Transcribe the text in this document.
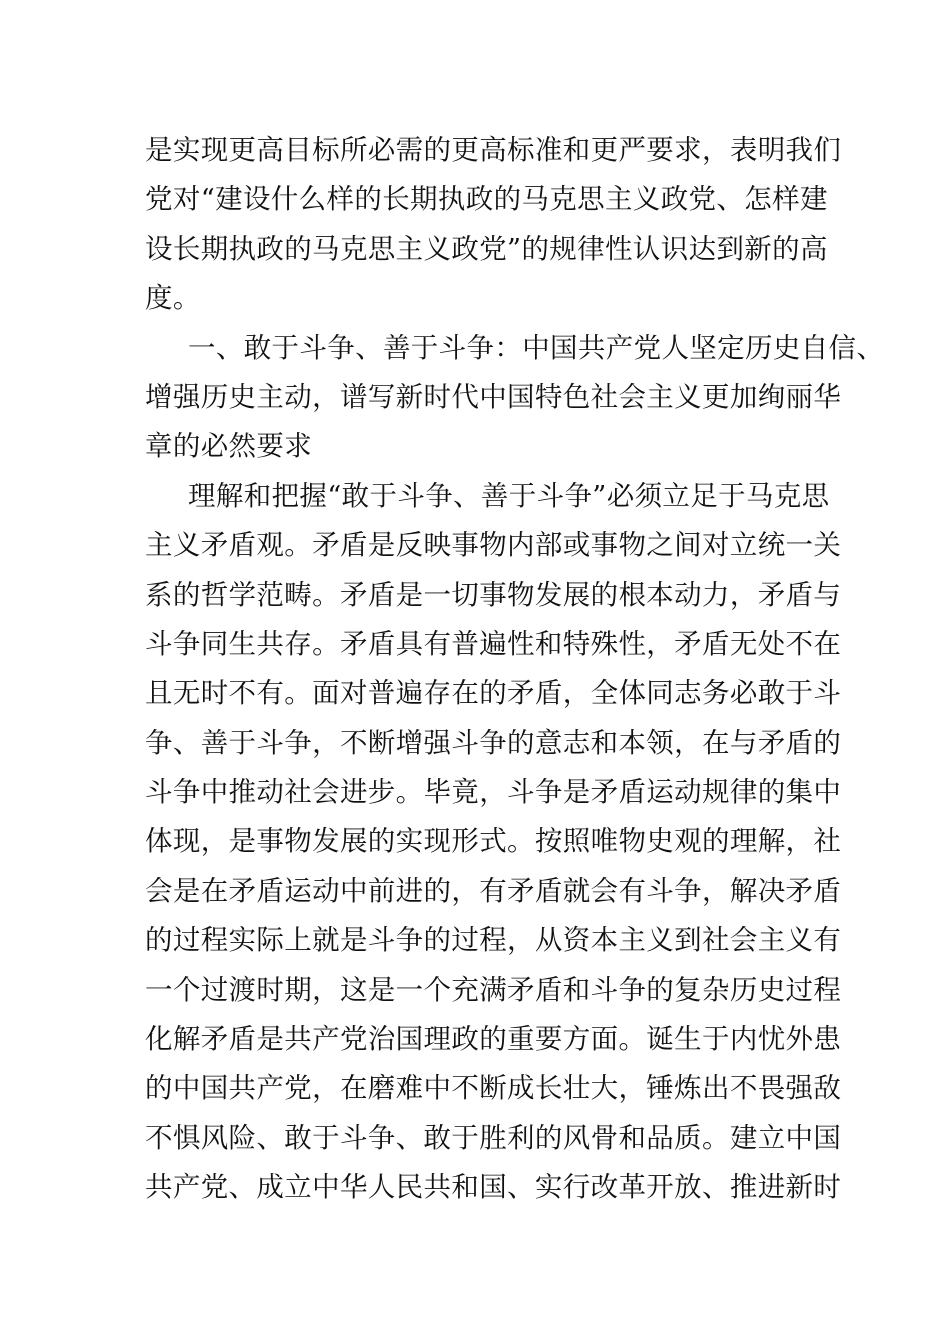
是实现更高目标所必需的更高标准和更严要求，表明我们
党对“建设什么样的长期执政的马克思主义政党、怎样建
设长期执政的马克思主义政党”的规律性认识达到新的高
度。
一、敢于斗争、善于斗争：中国共产党人坚定历史自信、
增强历史主动，谱写新时代中国特色社会主义更加绚丽华
章的必然要求
理解和把握“敢于斗争、善于斗争”必须立足于马克思
主义矛盾观。矛盾是反映事物内部或事物之间对立统一关
系的哲学范畴。矛盾是一切事物发展的根本动力，矛盾与
斗争同生共存。矛盾具有普遍性和特殊性，矛盾无处不在
且无时不有。面对普遍存在的矛盾，全体同志务必敢于斗
争、善于斗争，不断增强斗争的意志和本领，在与矛盾的
斗争中推动社会进步。毕竟，斗争是矛盾运动规律的集中
体现，是事物发展的实现形式。按照唯物史观的理解，社
会是在矛盾运动中前进的，有矛盾就会有斗争，解决矛盾
的过程实际上就是斗争的过程，从资本主义到社会主义有
一个过渡时期，这是一个充满矛盾和斗争的复杂历史过程
化解矛盾是共产党治国理政的重要方面。诞生于内忧外患
的中国共产党，在磨难中不断成长壮大，锤炼出不畏强敌
不惧风险、敢于斗争、敢于胜利的风骨和品质。建立中国
共产党、成立中华人民共和国、实行改革开放、推进新时
